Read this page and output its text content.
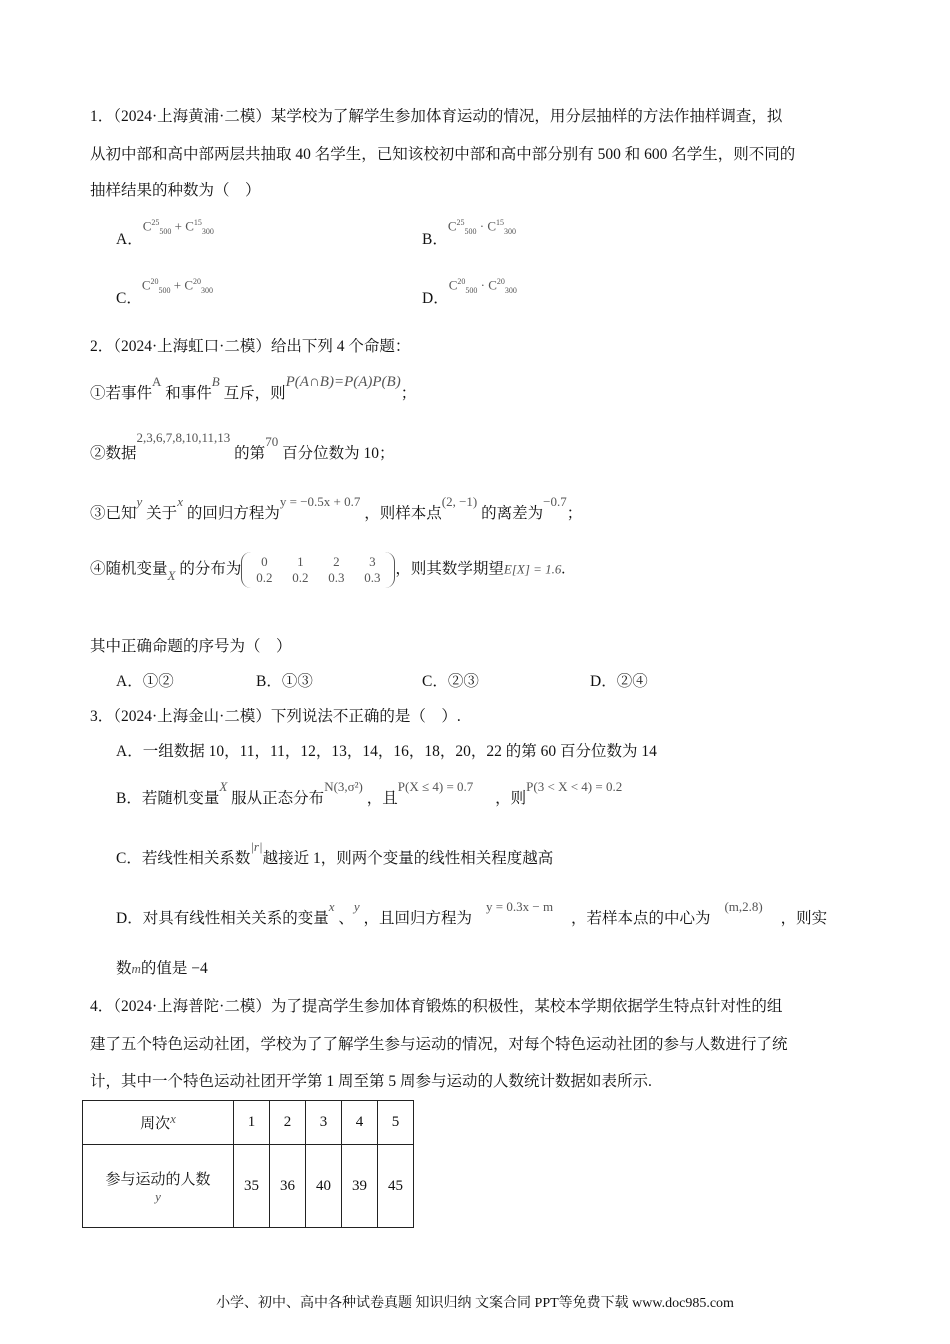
1．（2024·上海黄浦·二模）某学校为了解学生参加体育运动的情况，用分层抽样的方法作抽样调查，拟
从初中部和高中部两层共抽取 40 名学生，已知该校初中部和高中部分别有 500 和 600 名学生，则不同的
抽样结果的种数为（　）
A．$C^{25}_{500} + C^{15}_{300}$	B．$C^{25}_{500} \cdot C^{15}_{300}$
C．$C^{20}_{500} + C^{20}_{300}$	D．$C^{20}_{500} \cdot C^{20}_{300}$
2．（2024·上海虹口·二模）给出下列 4 个命题：
①若事件$^A$ 和事件$^B$ 互斥，则P(A∩B)=P(A)P(B)；
②数据$^{2,3,6,7,8,10,11,13}$ 的第$^{70}$ 百分位数为 10；
③已知$^y$ 关于$^x$ 的回归方程为$^{y = -0.5x + 0.7}$ ，则样本点$^{(2, -1)}$ 的离差为$^{-0.7}$；
④随机变量$_X$ 的分布为	0 1 2 3
0.2 0.2 0.3 0.3 ，则其数学期望E[X] = 1.6.
其中正确命题的序号为（　）
A．①②	B．①③	C．②③	D．②④
3．（2024·上海金山·二模）下列说法不正确的是（　）.
A．一组数据 10，11，11，12，13，14，16，18，20，22 的第 60 百分位数为 14
B．若随机变量$^X$ 服从正态分布$^{N(3,\sigma^2)}$ ，且$^{P(X \le 4) = 0.7}$ ，则$^{P(3 < X < 4) = 0.2}$
C．若线性相关系数$^{|r|}$越接近 1，则两个变量的线性相关程度越高
D．对具有线性相关关系的变量$^x$ 、$^y$ ，且回归方程为$^{y = 0.3x - m}$ ，若样本点的中心为$^{(m,2.8)}$ ，则实
数m的值是 −4
4．（2024·上海普陀·二模）为了提高学生参加体育锻炼的积极性，某校本学期依据学生特点针对性的组
建了五个特色运动社团，学校为了了解学生参与运动的情况，对每个特色运动社团的参与人数进行了统
计，其中一个特色运动社团开学第 1 周至第 5 周参与运动的人数统计数据如表所示.
周次x	1	2	3	4	5

参与运动的人数
y	35	36	40	39	45
小学、初中、高中各种试卷真题 知识归纳 文案合同 PPT等免费下载 www.doc985.com
